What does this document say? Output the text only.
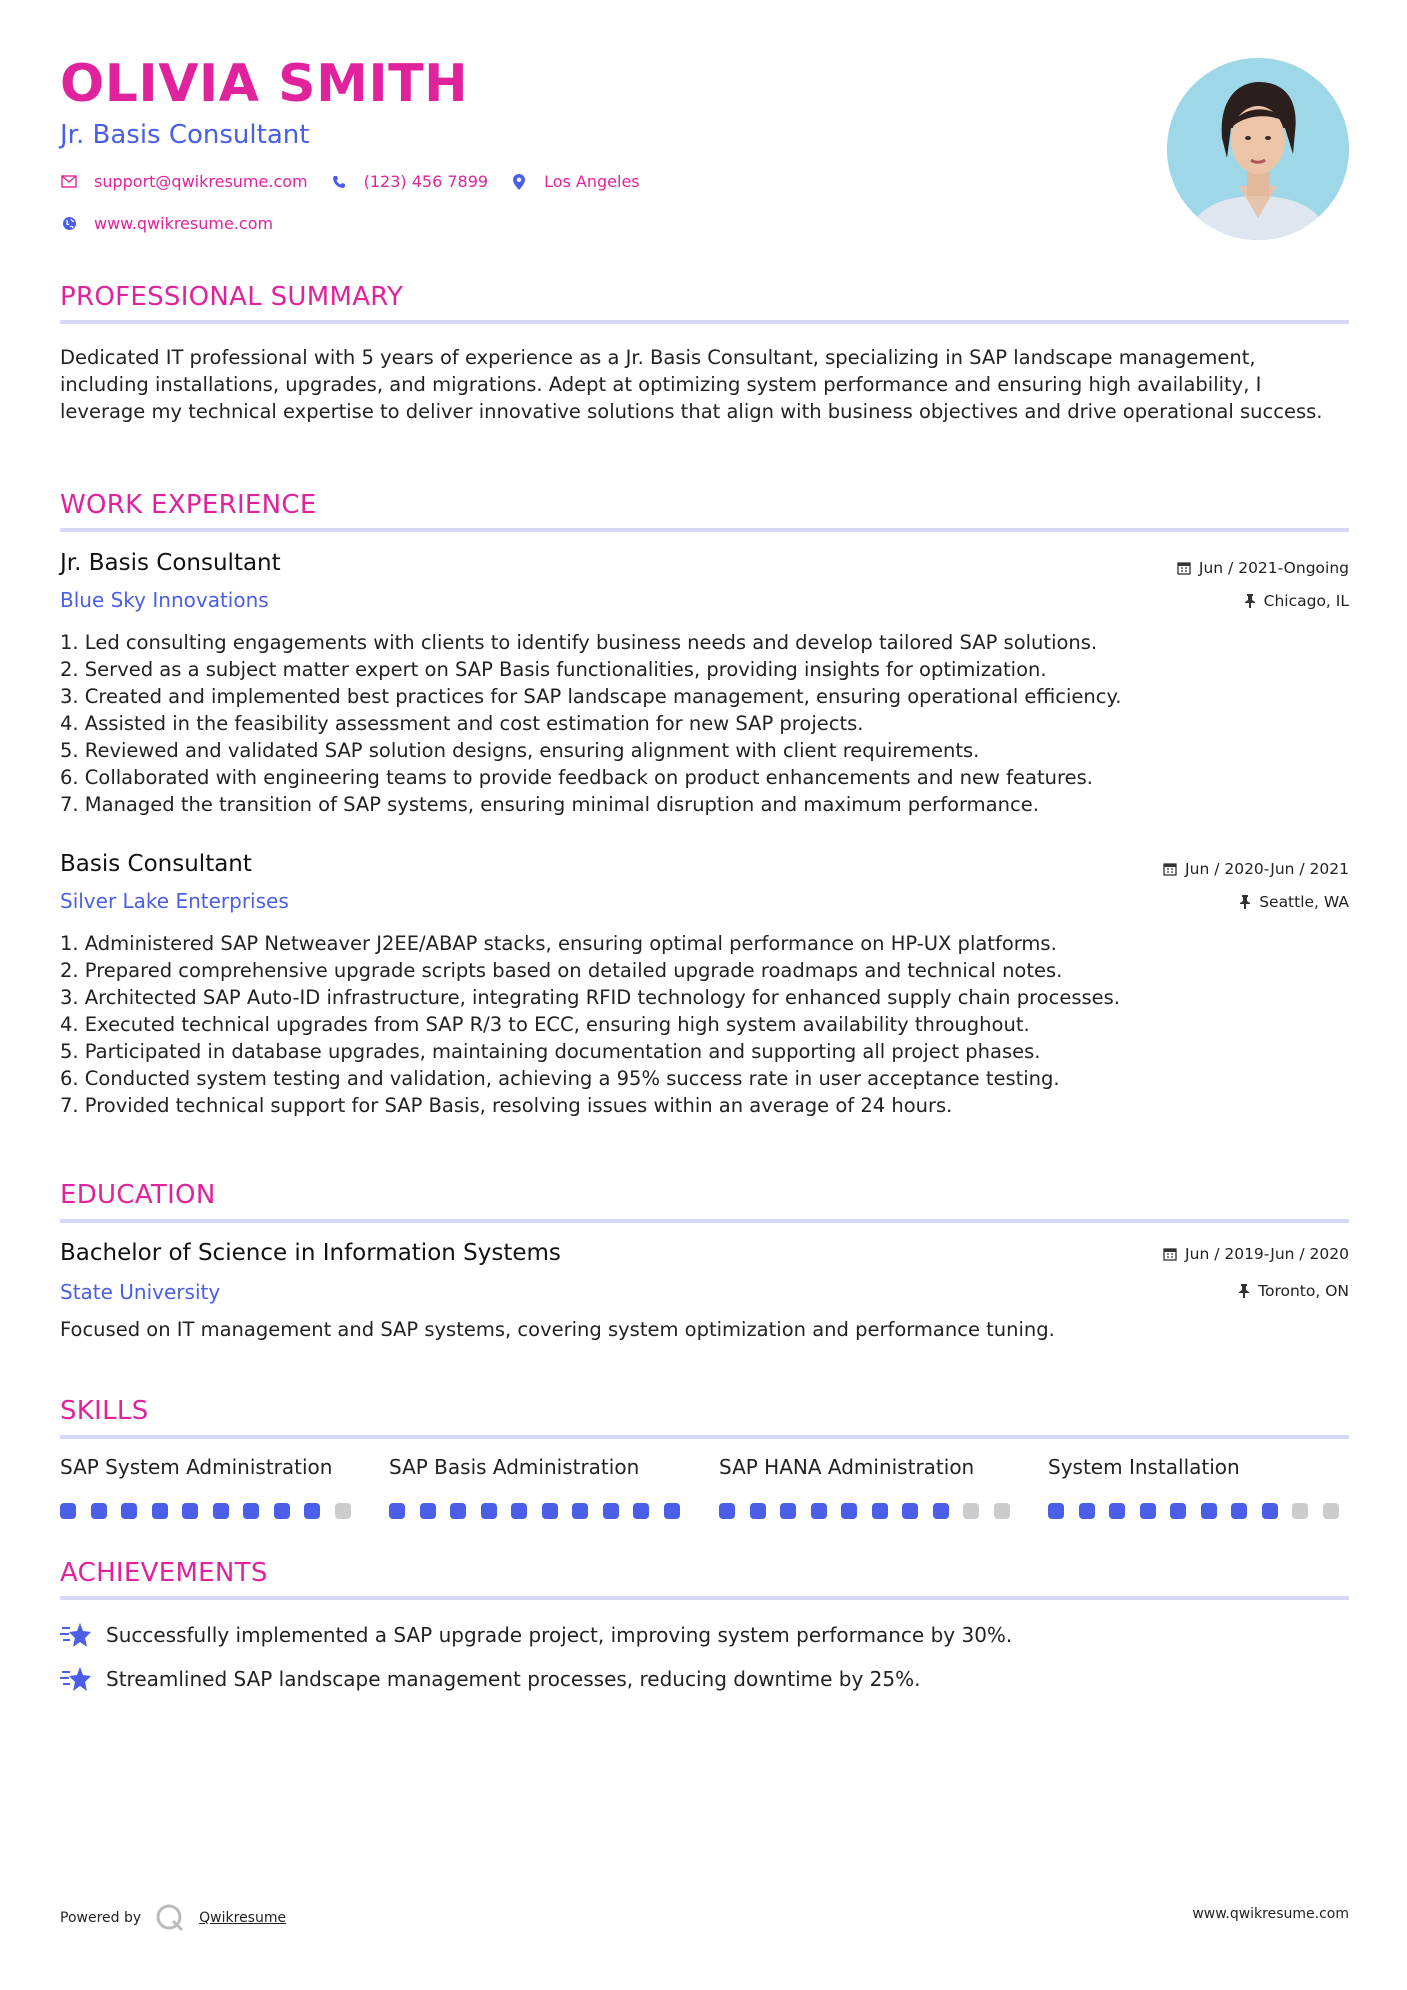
OLIVIA SMITH
Jr. Basis Consultant
support@qwikresume.com	(123) 456 7899	Los Angeles
www.qwikresume.com
PROFESSIONAL SUMMARY

Dedicated IT professional with 5 years of experience as a Jr. Basis Consultant, specializing in SAP landscape management, including installations, upgrades, and migrations. Adept at optimizing system performance and ensuring high availability, I leverage my technical expertise to deliver innovative solutions that align with business objectives and drive operational success.

WORK EXPERIENCE
Jr. Basis Consultant	Jun / 2021-Ongoing
Blue Sky Innovations	Chicago, IL
1. Led consulting engagements with clients to identify business needs and develop tailored SAP solutions.
2. Served as a subject matter expert on SAP Basis functionalities, providing insights for optimization.
3. Created and implemented best practices for SAP landscape management, ensuring operational efficiency.
4. Assisted in the feasibility assessment and cost estimation for new SAP projects.
5. Reviewed and validated SAP solution designs, ensuring alignment with client requirements.
6. Collaborated with engineering teams to provide feedback on product enhancements and new features.
7. Managed the transition of SAP systems, ensuring minimal disruption and maximum performance.
Basis Consultant	Jun / 2020-Jun / 2021
Silver Lake Enterprises	Seattle, WA
1. Administered SAP Netweaver J2EE/ABAP stacks, ensuring optimal performance on HP-UX platforms.
2. Prepared comprehensive upgrade scripts based on detailed upgrade roadmaps and technical notes.
3. Architected SAP Auto-ID infrastructure, integrating RFID technology for enhanced supply chain processes.
4. Executed technical upgrades from SAP R/3 to ECC, ensuring high system availability throughout.
5. Participated in database upgrades, maintaining documentation and supporting all project phases.
6. Conducted system testing and validation, achieving a 95% success rate in user acceptance testing.
7. Provided technical support for SAP Basis, resolving issues within an average of 24 hours.
EDUCATION
Bachelor of Science in Information Systems	Jun / 2019-Jun / 2020
State University	Toronto, ON

Focused on IT management and SAP systems, covering system optimization and performance tuning.

SKILLS
SAP System Administration	SAP Basis Administration	SAP HANA Administration	System Installation
ACHIEVEMENTS
Successfully implemented a SAP upgrade project, improving system performance by 30%.
Streamlined SAP landscape management processes, reducing downtime by 25%.
Powered by	Qwikresume	www.qwikresume.com
